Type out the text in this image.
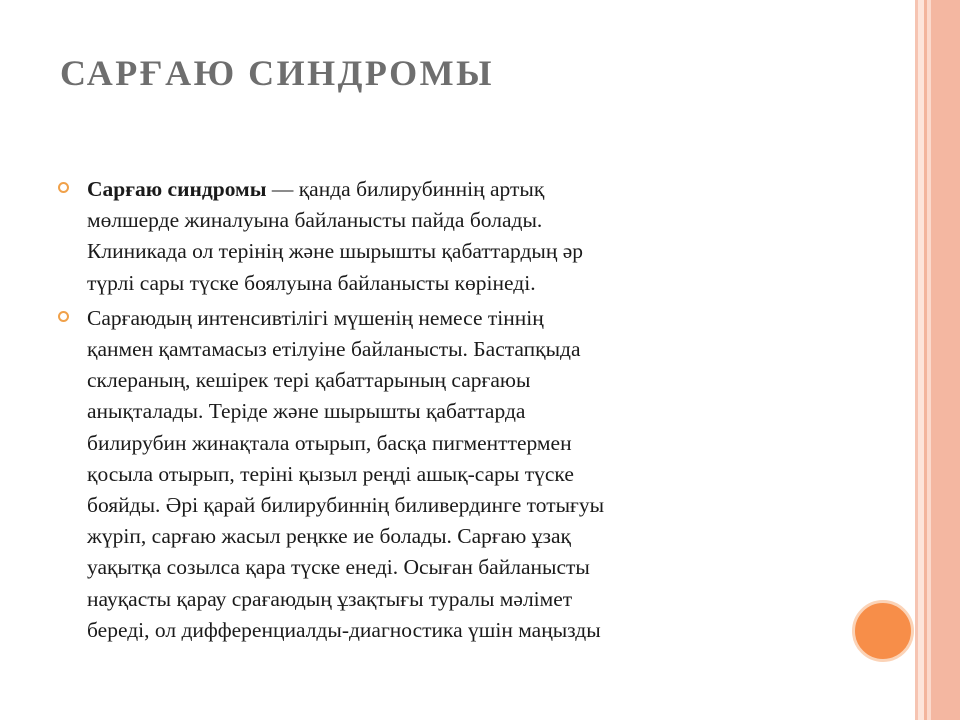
САРҒАЮ СИНДРОМЫ
Сарғаю синдромы — қанда билирубиннің артық
мөлшерде жиналуына байланысты пайда болады.
Клиникада ол терінің және шырышты қабаттардың әр
түрлі сары түске боялуына байланысты көрінеді.
Сарғаюдың интенсивтілігі мүшенің немесе тіннің
қанмен қамтамасыз етілуіне байланысты. Бастапқыда
склераның, кешірек тері қабаттарының сарғаюы
анықталады. Теріде және шырышты қабаттарда
билирубин жинақтала отырып, басқа пигменттермен
қосыла отырып, теріні қызыл реңді ашық-сары түске
бояйды. Әрі қарай билирубиннің биливердинге тотығуы
жүріп, сарғаю жасыл реңкке ие болады. Сарғаю ұзақ
уақытқа созылса қара түске енеді. Осыған байланысты
науқасты қарау срағаюдың ұзақтығы туралы мәлімет
береді, ол дифференциалды-диагностика үшін маңызды
